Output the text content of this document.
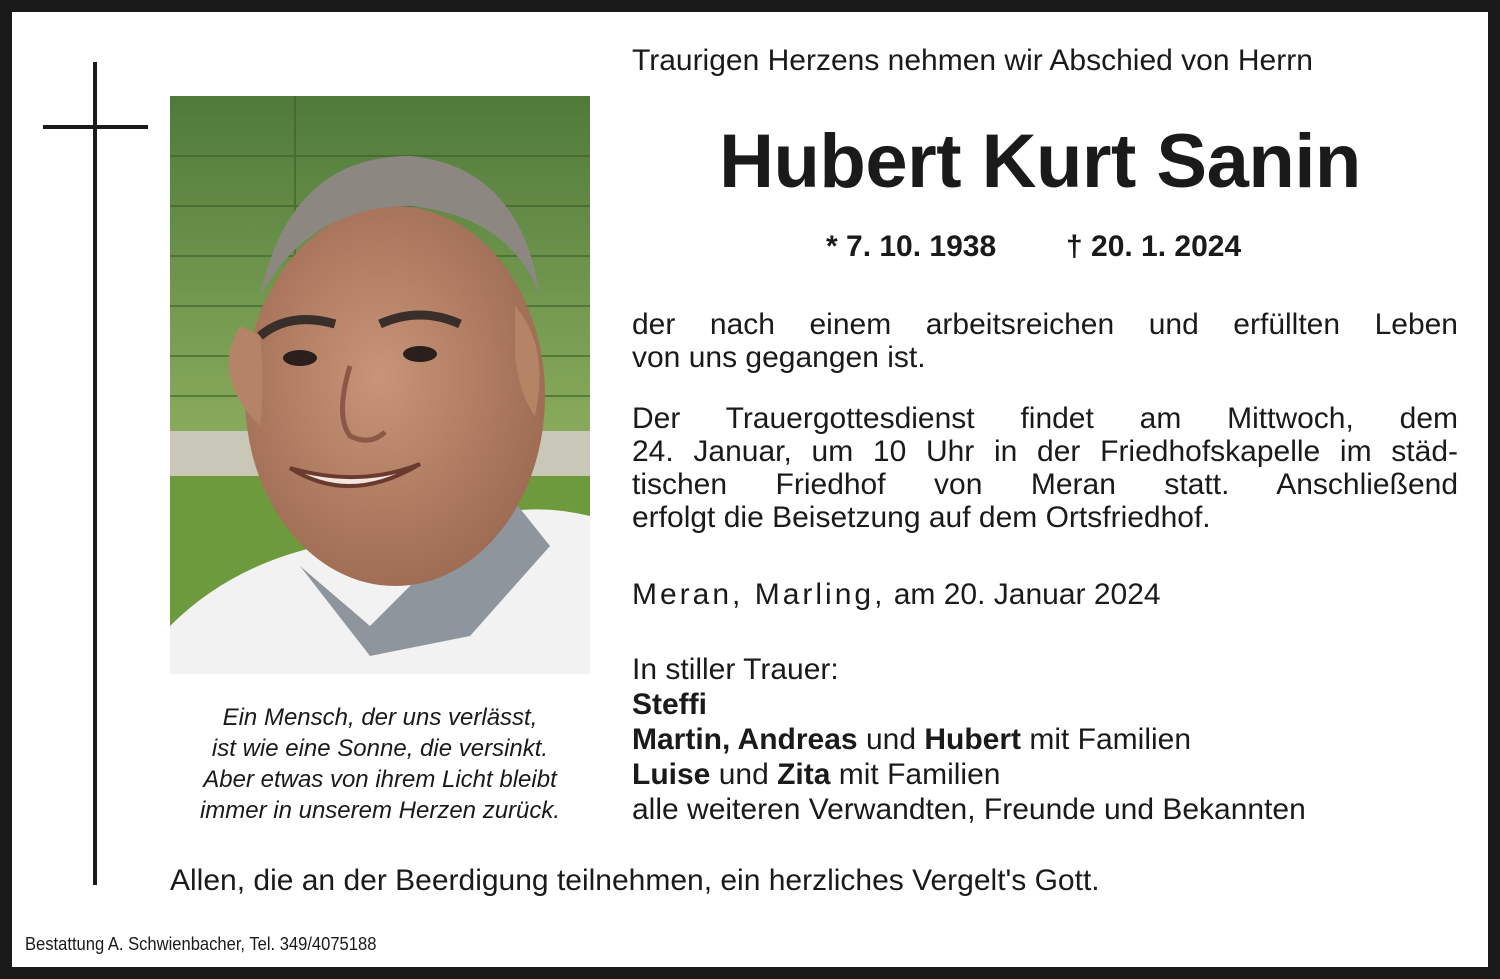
Ein Mensch, der uns verlässt,
ist wie eine Sonne, die versinkt.
Aber etwas von ihrem Licht bleibt
immer in unserem Herzen zurück.
Traurigen Herzens nehmen wir Abschied von Herrn
Hubert Kurt Sanin
* 7. 10. 1938 † 20. 1. 2024
der nach einem arbeitsreichen und erfüllten Leben
von uns gegangen ist.
Der Trauergottesdienst findet am Mittwoch, dem
24. Januar, um 10 Uhr in der Friedhofskapelle im städ-
tischen Friedhof von Meran statt. Anschließend
erfolgt die Beisetzung auf dem Ortsfriedhof.
Meran, Marling, am 20. Januar 2024
In stiller Trauer:
Steffi
Martin, Andreas und Hubert mit Familien
Luise und Zita mit Familien
alle weiteren Verwandten, Freunde und Bekannten
Allen, die an der Beerdigung teilnehmen, ein herzliches Vergelt's Gott.
Bestattung A. Schwienbacher, Tel. 349/4075188
